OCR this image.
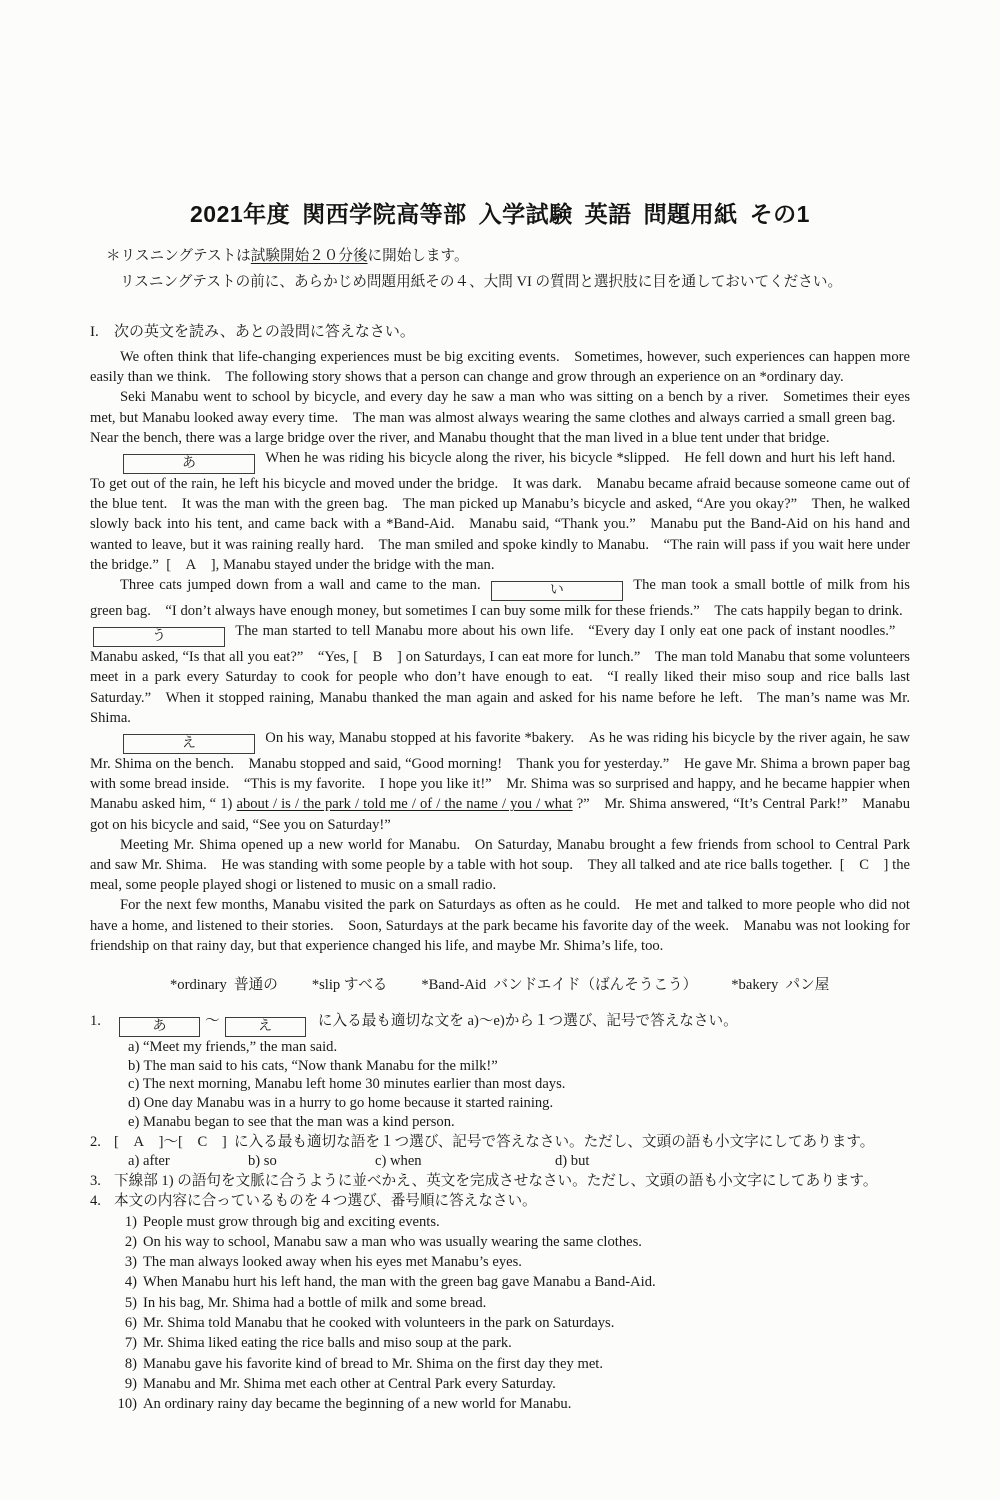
2021年度 関西学院高等部 入学試験 英語 問題用紙 その1

＊リスニングテストは試験開始２０分後に開始します。

リスニングテストの前に、あらかじめ問題用紙その４、大問 VI の質問と選択肢に目を通しておいてください。

I. 次の英文を読み、あとの設問に答えなさい。

We often think that life-changing experiences must be big exciting events. Sometimes, however, such experiences can happen more easily than we think. The following story shows that a person can change and grow through an experience on an *ordinary day.

Seki Manabu went to school by bicycle, and every day he saw a man who was sitting on a bench by a river. Sometimes their eyes met, but Manabu looked away every time. The man was almost always wearing the same clothes and always carried a small green bag. Near the bench, there was a large bridge over the river, and Manabu thought that the man lived in a blue tent under that bridge.

あ	 When he was riding his bicycle along the river, his bicycle *slipped. He fell down and hurt his left hand. To get out of the rain, he left his bicycle and moved under the bridge. It was dark. Manabu became afraid because someone came out of the blue tent. It was the man with the green bag. The man picked up Manabu’s bicycle and asked, “Are you okay?” Then, he walked slowly back into his tent, and came back with a *Band-Aid. Manabu said, “Thank you.” Manabu put the Band-Aid on his hand and wanted to leave, but it was raining really hard. The man smiled and spoke kindly to Manabu. “The rain will pass if you wait here under the bridge.” [  A  ], Manabu stayed under the bridge with the man.

Three cats jumped down from a wall and came to the man. 	い	 The man took a small bottle of milk from his green bag. “I don’t always have enough money, but sometimes I can buy some milk for these friends.” The cats happily began to drink. う	 The man started to tell Manabu more about his own life. “Every day I only eat one pack of instant noodles.” Manabu asked, “Is that all you eat?” “Yes, [  B  ] on Saturdays, I can eat more for lunch.” The man told Manabu that some volunteers meet in a park every Saturday to cook for people who don’t have enough to eat. “I really liked their miso soup and rice balls last Saturday.” When it stopped raining, Manabu thanked the man again and asked for his name before he left. The man’s name was Mr. Shima.

え	 On his way, Manabu stopped at his favorite *bakery. As he was riding his bicycle by the river again, he saw Mr. Shima on the bench. Manabu stopped and said, “Good morning! Thank you for yesterday.” He gave Mr. Shima a brown paper bag with some bread inside. “This is my favorite. I hope you like it!” Mr. Shima was so surprised and happy, and he became happier when Manabu asked him, “ 1) about / is / the park / told me / of / the name / you / what ?” Mr. Shima answered, “It’s Central Park!” Manabu got on his bicycle and said, “See you on Saturday!”

Meeting Mr. Shima opened up a new world for Manabu. On Saturday, Manabu brought a few friends from school to Central Park and saw Mr. Shima. He was standing with some people by a table with hot soup. They all talked and ate rice balls together. [  C  ] the meal, some people played shogi or listened to music on a small radio.

For the next few months, Manabu visited the park on Saturdays as often as he could. He met and talked to more people who did not have a home, and listened to their stories. Soon, Saturdays at the park became his favorite day of the week. Manabu was not looking for friendship on that rainy day, but that experience changed his life, and maybe Mr. Shima’s life, too.

*ordinary 普通の *slip すべる *Band-Aid バンドエイド（ばんそうこう） *bakery パン屋

1.	あ	～	え	 に入る最も適切な文を a)～e)から１つ選び、記号で答えなさい。

a) “Meet my friends,” the man said.

b) The man said to his cats, “Now thank Manabu for the milk!”

c) The next morning, Manabu left home 30 minutes earlier than most days.

d) One day Manabu was in a hurry to go home because it started raining.

e) Manabu began to see that the man was a kind person.

2. [  A  ]～[  C  ] に入る最も適切な語を１つ選び、記号で答えなさい。ただし、文頭の語も小文字にしてあります。

a) after	b) so	c) when	d) but

3. 下線部 1) の語句を文脈に合うように並べかえ、英文を完成させなさい。ただし、文頭の語も小文字にしてあります。

4. 本文の内容に合っているものを４つ選び、番号順に答えなさい。

1) People must grow through big and exciting events.

2) On his way to school, Manabu saw a man who was usually wearing the same clothes.

3) The man always looked away when his eyes met Manabu’s eyes.

4) When Manabu hurt his left hand, the man with the green bag gave Manabu a Band-Aid.

5) In his bag, Mr. Shima had a bottle of milk and some bread.

6) Mr. Shima told Manabu that he cooked with volunteers in the park on Saturdays.

7) Mr. Shima liked eating the rice balls and miso soup at the park.

8) Manabu gave his favorite kind of bread to Mr. Shima on the first day they met.

9) Manabu and Mr. Shima met each other at Central Park every Saturday.

10) An ordinary rainy day became the beginning of a new world for Manabu.
